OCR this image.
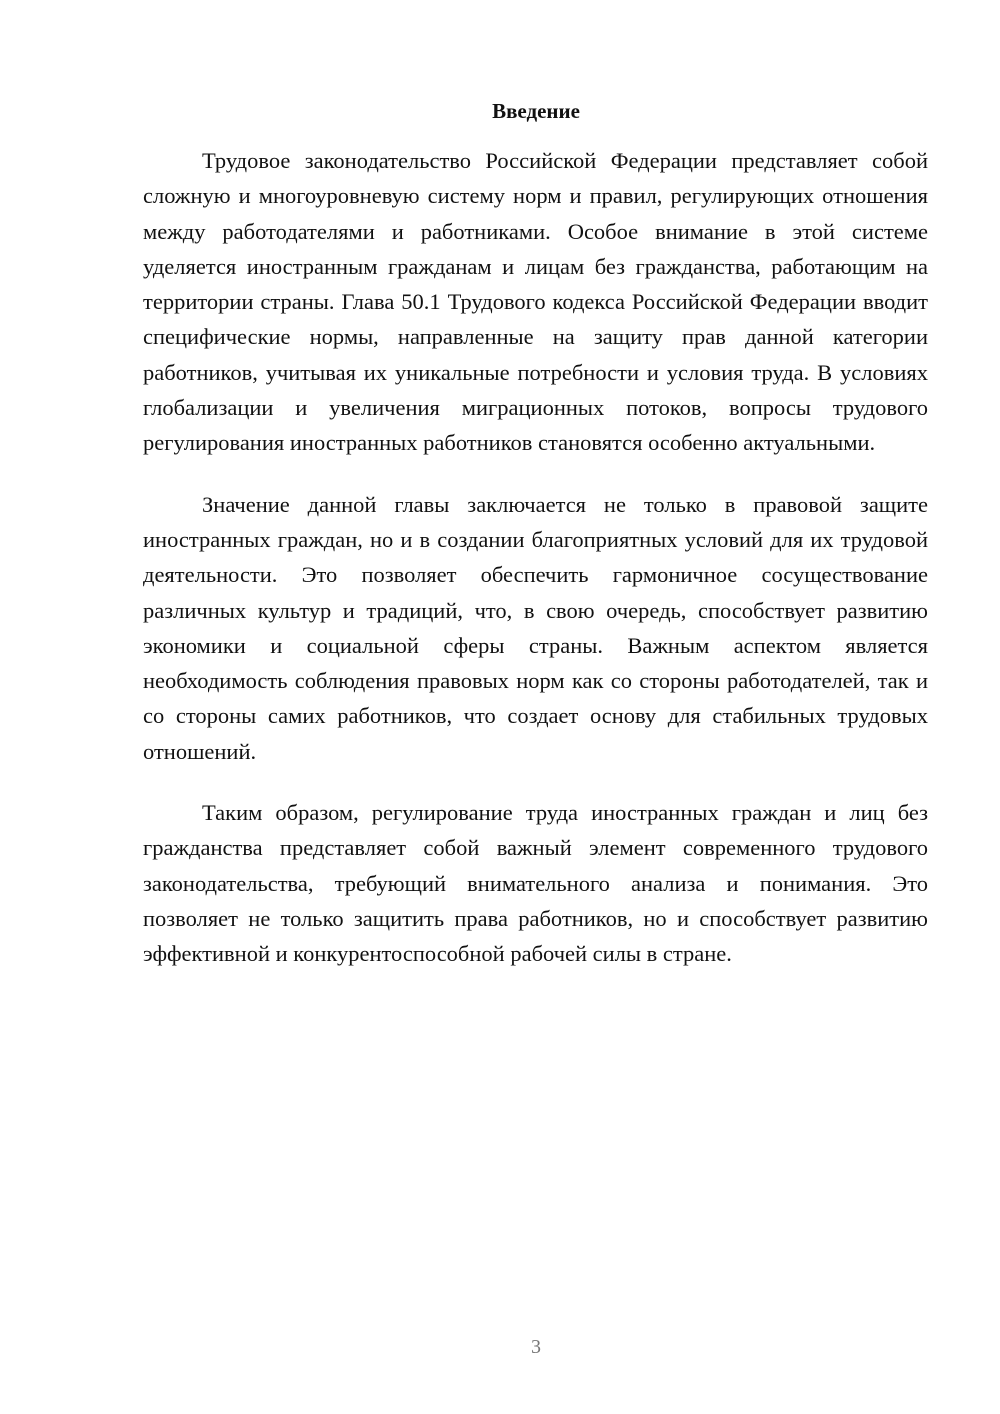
Введение

Трудовое законодательство Российской Федерации представляет собой сложную и многоуровневую систему норм и правил, регулирующих отношения между работодателями и работниками. Особое внимание в этой системе уделяется иностранным гражданам и лицам без гражданства, работающим на территории страны. Глава 50.1 Трудового кодекса Российской Федерации вводит специфические нормы, направленные на защиту прав данной категории работников, учитывая их уникальные потребности и условия труда. В условиях глобализации и увеличения миграционных потоков, вопросы трудового регулирования иностранных работников становятся особенно актуальными.

Значение данной главы заключается не только в правовой защите иностранных граждан, но и в создании благоприятных условий для их трудовой деятельности. Это позволяет обеспечить гармоничное сосуществование различных культур и традиций, что, в свою очередь, способствует развитию экономики и социальной сферы страны. Важным аспектом является необходимость соблюдения правовых норм как со стороны работодателей, так и со стороны самих работников, что создает основу для стабильных трудовых отношений.

Таким образом, регулирование труда иностранных граждан и лиц без гражданства представляет собой важный элемент современного трудового законодательства, требующий внимательного анализа и понимания. Это позволяет не только защитить права работников, но и способствует развитию эффективной и конкурентоспособной рабочей силы в стране.

3
